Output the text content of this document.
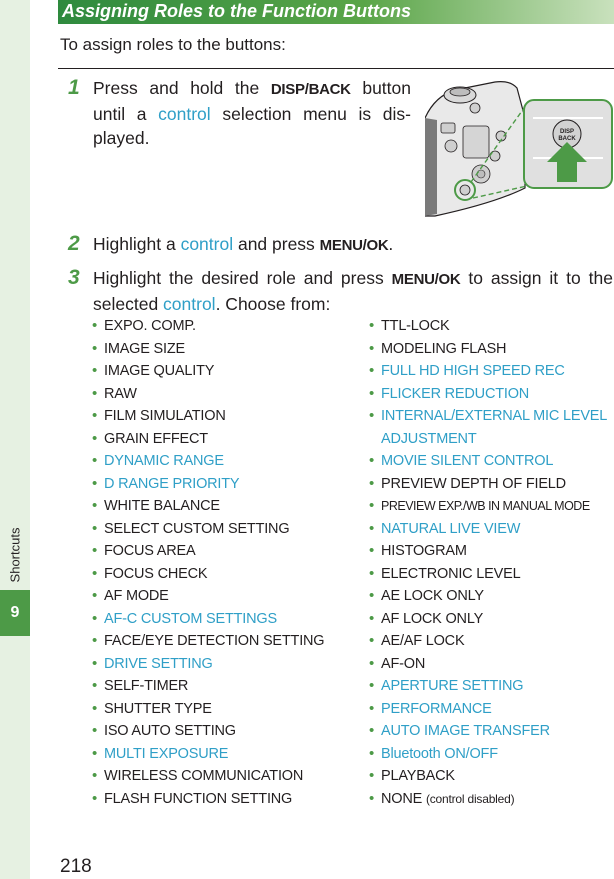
Shortcuts
9
Assigning Roles to the Function Buttons
To assign roles to the buttons:
1 Press and hold the DISP/BACK button until a control selection menu is dis-played.	DISP
BACK
2 Highlight a control and press MENU/OK.
3 Highlight the desired role and press MENU/OK to assign it to the selected control. Choose from:
• EXPO. COMP.
• IMAGE SIZE
• IMAGE QUALITY
• RAW
• FILM SIMULATION
• GRAIN EFFECT
• DYNAMIC RANGE
• D RANGE PRIORITY
• WHITE BALANCE
• SELECT CUSTOM SETTING
• FOCUS AREA
• FOCUS CHECK
• AF MODE
• AF-C CUSTOM SETTINGS
• FACE/EYE DETECTION SETTING
• DRIVE SETTING
• SELF-TIMER
• SHUTTER TYPE
• ISO AUTO SETTING
• MULTI EXPOSURE
• WIRELESS COMMUNICATION
• FLASH FUNCTION SETTING
• TTL-LOCK
• MODELING FLASH
• FULL HD HIGH SPEED REC
• FLICKER REDUCTION
• INTERNAL/EXTERNAL MIC LEVEL ADJUSTMENT
• MOVIE SILENT CONTROL
• PREVIEW DEPTH OF FIELD
• PREVIEW EXP./WB IN MANUAL MODE
• NATURAL LIVE VIEW
• HISTOGRAM
• ELECTRONIC LEVEL
• AE LOCK ONLY
• AF LOCK ONLY
• AE/AF LOCK
• AF-ON
• APERTURE SETTING
• PERFORMANCE
• AUTO IMAGE TRANSFER
• Bluetooth ON/OFF
• PLAYBACK
• NONE (control disabled)
218
